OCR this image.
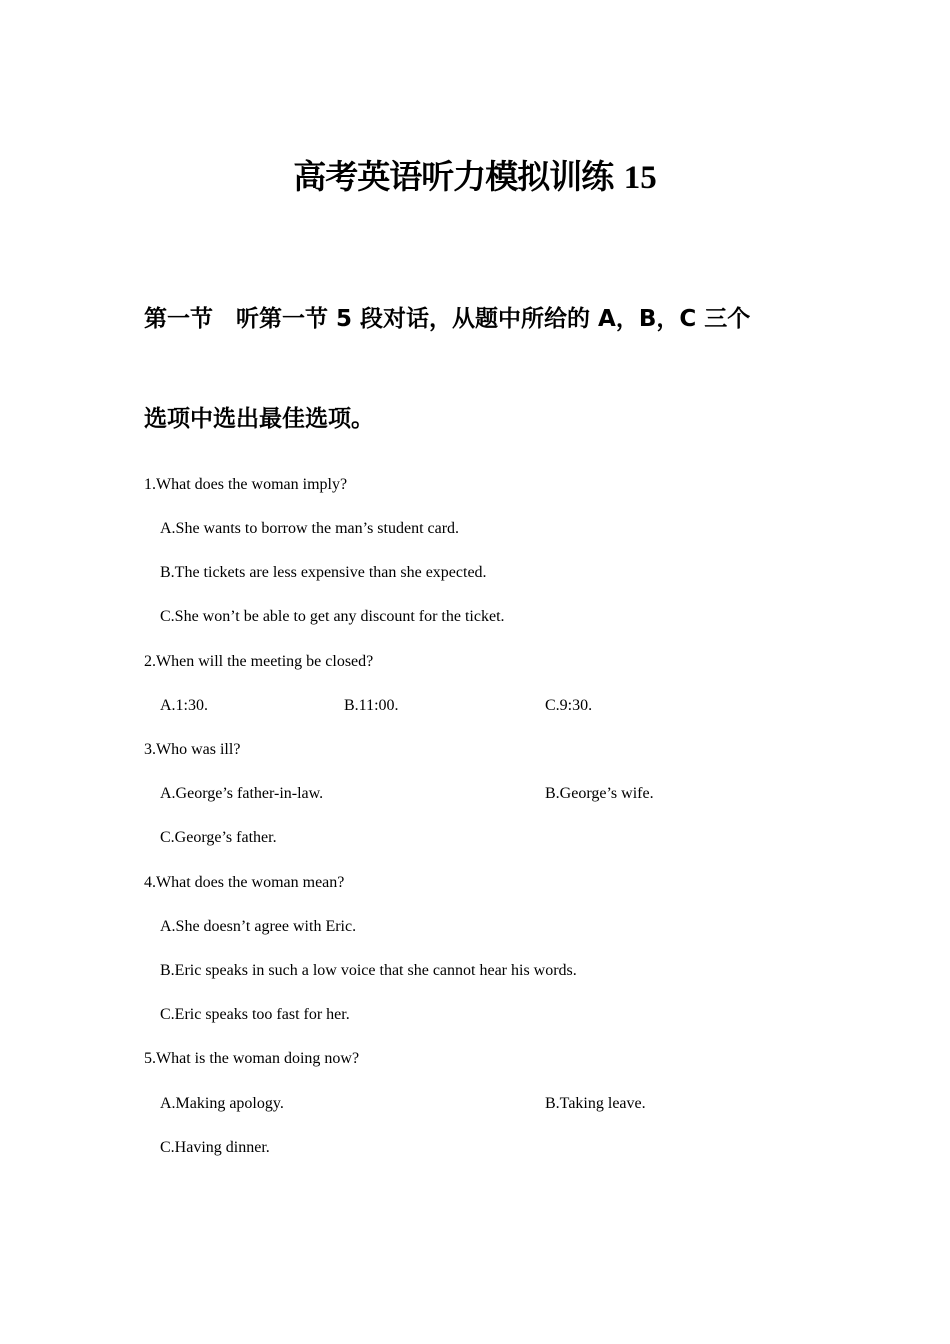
高考英语听力模拟训练 15
第一节　听第一节 5 段对话，从题中所给的 A，B，C 三个
选项中选出最佳选项。
1.What does the woman imply?
A.She wants to borrow the man’s student card.
B.The tickets are less expensive than she expected.
C.She won’t be able to get any discount for the ticket.
2.When will the meeting be closed?
A.1:30.	B.11:00.	C.9:30.
3.Who was ill?
A.George’s father-in-law.	B.George’s wife.
C.George’s father.
4.What does the woman mean?
A.She doesn’t agree with Eric.
B.Eric speaks in such a low voice that she cannot hear his words.
C.Eric speaks too fast for her.
5.What is the woman doing now?
A.Making apology.	B.Taking leave.
C.Having dinner.
